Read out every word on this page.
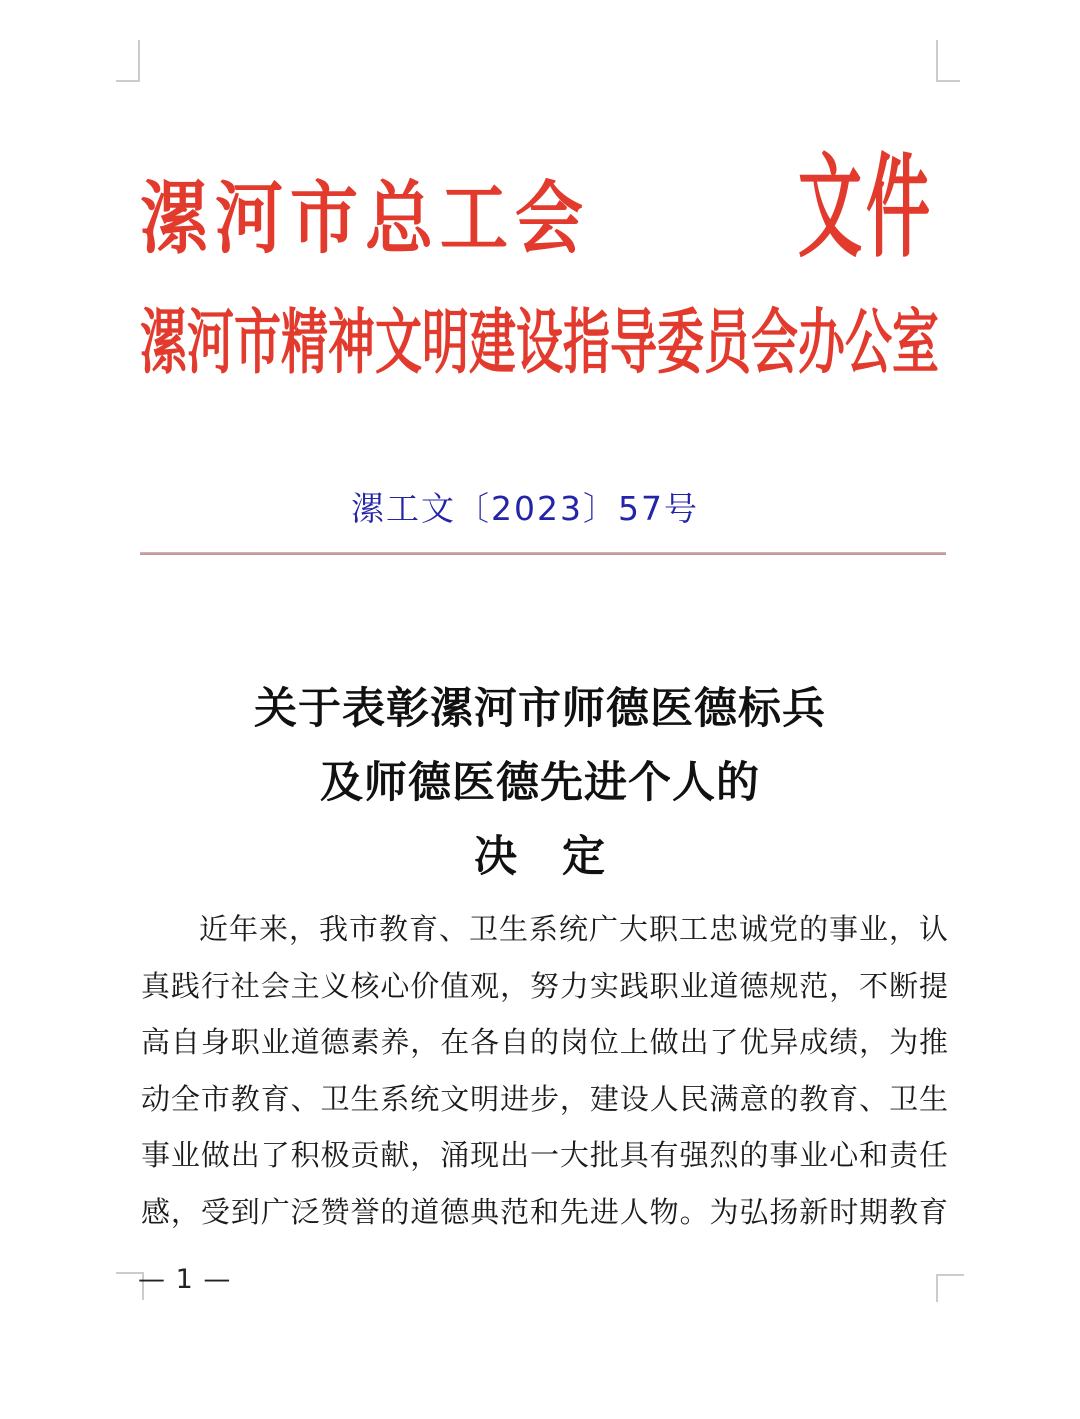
漯河市总工会	文件
漯河市精神文明建设指导委员会办公室
漯工文〔2023〕57号
关于表彰漯河市师德医德标兵
及师德医德先进个人的
决　定
近年来，我市教育、卫生系统广大职工忠诚党的事业，认
真践行社会主义核心价值观，努力实践职业道德规范，不断提
高自身职业道德素养，在各自的岗位上做出了优异成绩，为推
动全市教育、卫生系统文明进步，建设人民满意的教育、卫生
事业做出了积极贡献，涌现出一大批具有强烈的事业心和责任
感，受到广泛赞誉的道德典范和先进人物。为弘扬新时期教育
— 1 —
